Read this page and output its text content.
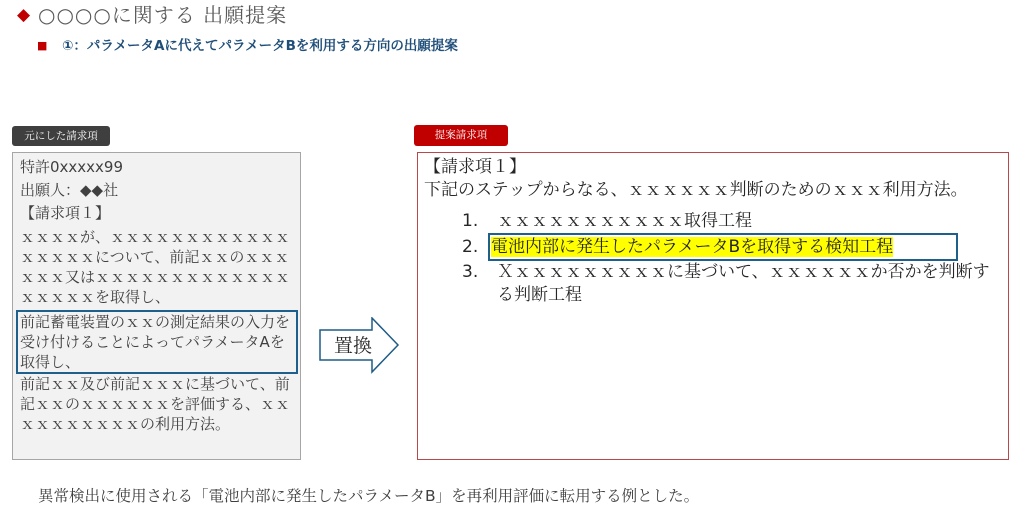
◆ ○○○○に関する 出願提案
■	①：パラメータAに代えてパラメータBを利用する方向の出願提案
元にした請求項
特許0xxxxx99
出願人：◆◆社
【請求項１】
ｘｘｘｘが、ｘｘｘｘｘｘｘｘｘｘｘｘｘｘｘｘｘについて、前記ｘｘのｘｘｘｘｘｘ又はｘｘｘｘｘｘｘｘｘｘｘｘｘｘｘｘｘｘを取得し、
前記蓄電装置のｘｘの測定結果の入力を受け付けることによってパラメータAを取得し、
前記ｘｘ及び前記ｘｘｘに基づいて、前記ｘｘのｘｘｘｘｘｘを評価する、ｘｘｘｘｘｘｘｘｘｘの利用方法。
置換
提案請求項
【請求項１】
下記のステップからなる、ｘｘｘｘｘｘ判断のためのｘｘｘ利用方法。
1.	ｘｘｘｘｘｘｘｘｘｘｘ取得工程
2. 電池内部に発生したパラメータBを取得する検知工程
3.	Ｘｘｘｘｘｘｘｘｘｘに基づいて、ｘｘｘｘｘｘか否かを判断する判断工程
異常検出に使用される「電池内部に発生したパラメータB」を再利用評価に転用する例とした。
